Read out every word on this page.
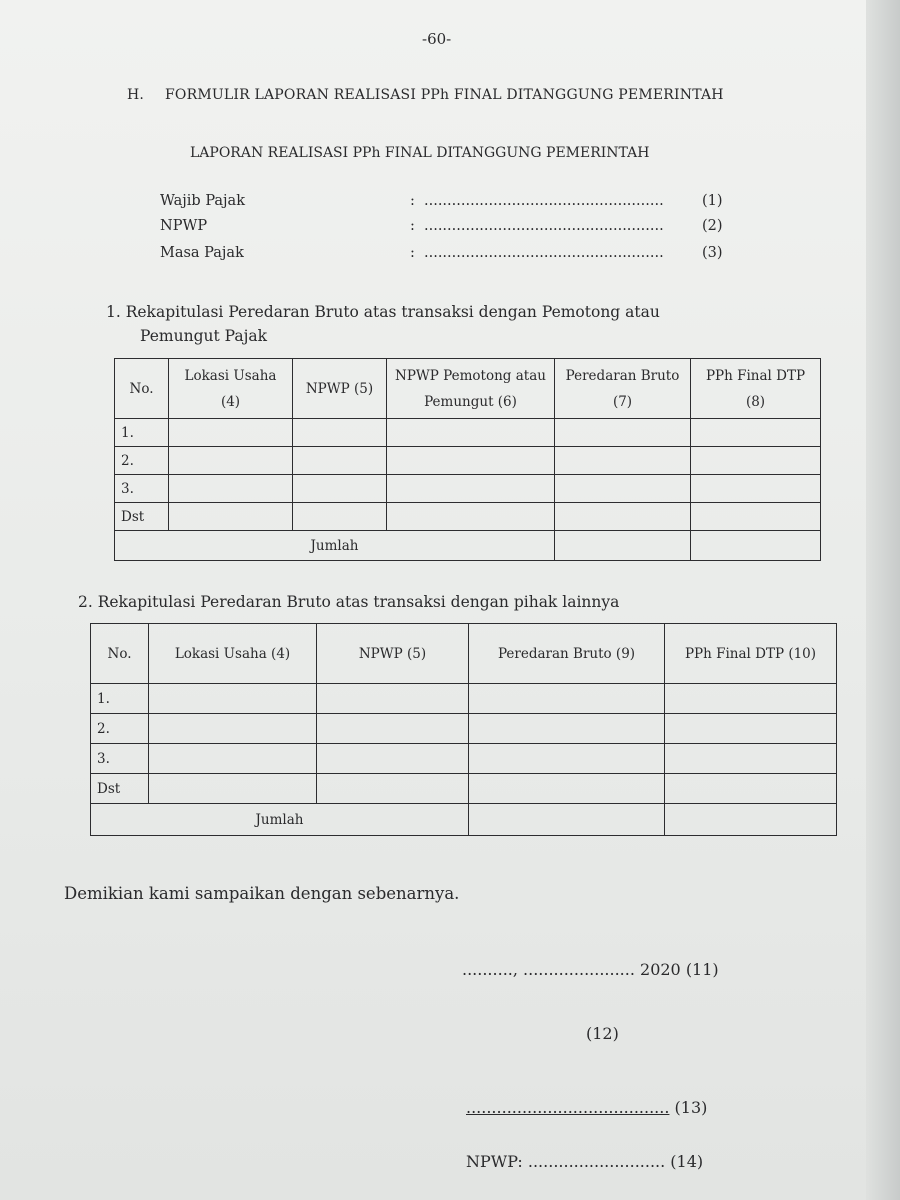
-60-
H. FORMULIR LAPORAN REALISASI PPh FINAL DITANGGUNG PEMERINTAH
LAPORAN REALISASI PPh FINAL DITANGGUNG PEMERINTAH
Wajib Pajak	: ....................................................	(1)
NPWP	: ....................................................	(2)
Masa Pajak	: ....................................................	(3)
1. Rekapitulasi Peredaran Bruto atas transaksi dengan Pemotong atau
Pemungut Pajak
No.	Lokasi Usaha (4)	NPWP (5)	NPWP Pemotong atau Pemungut (6)	Peredaran Bruto (7)	PPh Final DTP (8)
1.					
2.					
3.					
Dst					
Jumlah					
2. Rekapitulasi Peredaran Bruto atas transaksi dengan pihak lainnya
No.	Lokasi Usaha (4)	NPWP (5)	Peredaran Bruto (9)	PPh Final DTP (10)
1.				
2.				
3.				
Dst				
Jumlah				
Demikian kami sampaikan dengan sebenarnya.
.........., ...................... 2020 (11)
(12)
........................................ (13)
NPWP: ........................... (14)
